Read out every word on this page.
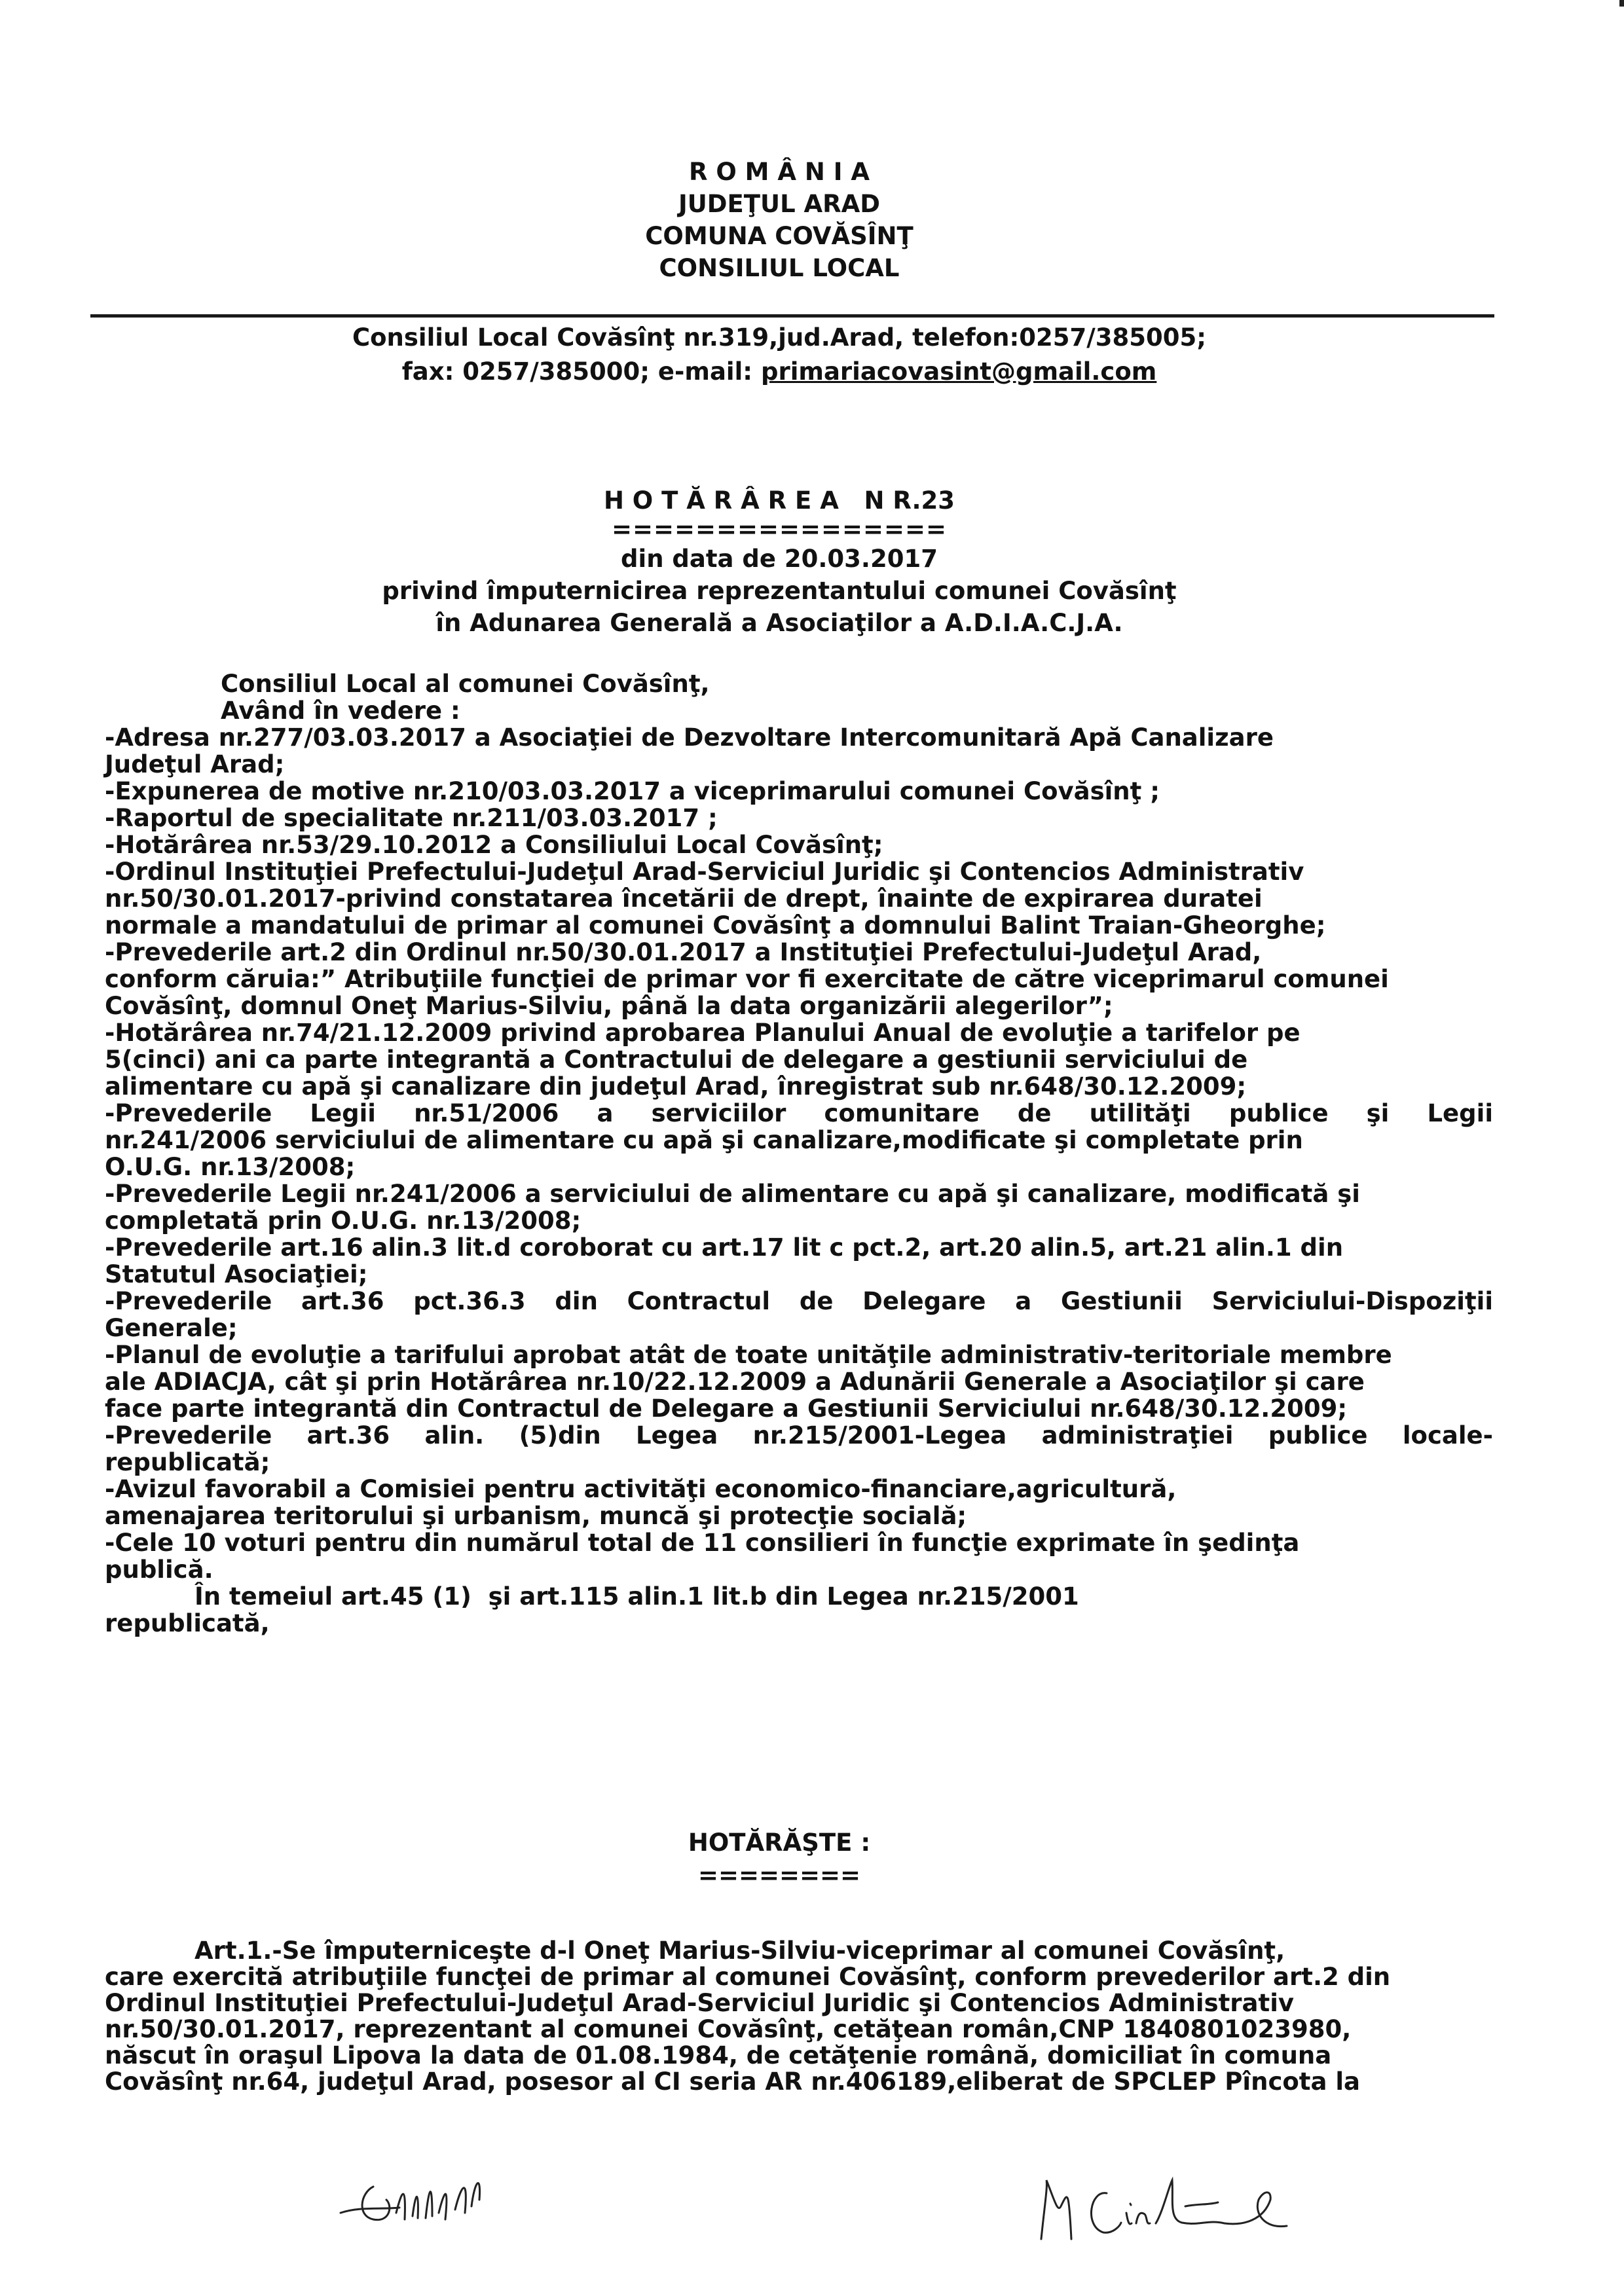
R O M Â N I A
JUDEŢUL ARAD
COMUNA COVĂSÎNŢ
CONSILIUL LOCAL
Consiliul Local Covăsînţ nr.319,jud.Arad, telefon:0257/385005;
fax: 0257/385000; e-mail: primariacovasint@gmail.com
H O T Ă R Â R E A   N R.23
================
din data de 20.03.2017
privind împuternicirea reprezentantului comunei Covăsînţ
în Adunarea Generală a Asociaţilor a A.D.I.A.C.J.A.

Consiliul Local al comunei Covăsînţ,

Având în vedere :

-Adresa nr.277/03.03.2017 a Asociaţiei de Dezvoltare Intercomunitară Apă Canalizare

Judeţul Arad;

-Expunerea de motive nr.210/03.03.2017 a viceprimarului comunei Covăsînţ ;

-Raportul de specialitate nr.211/03.03.2017 ;

-Hotărârea nr.53/29.10.2012 a Consiliului Local Covăsînţ;

-Ordinul Instituţiei Prefectului-Judeţul Arad-Serviciul Juridic şi Contencios Administrativ

nr.50/30.01.2017-privind constatarea încetării de drept, înainte de expirarea duratei

normale a mandatului de primar al comunei Covăsînţ a domnului Balint Traian-Gheorghe;

-Prevederile art.2 din Ordinul nr.50/30.01.2017 a Instituţiei Prefectului-Judeţul Arad,

conform căruia:” Atribuţiile funcţiei de primar vor fi exercitate de către viceprimarul comunei

Covăsînţ, domnul Oneţ Marius-Silviu, până la data organizării alegerilor”;

-Hotărârea nr.74/21.12.2009 privind aprobarea Planului Anual de evoluţie a tarifelor pe

5(cinci) ani ca parte integrantă a Contractului de delegare a gestiunii serviciului de

alimentare cu apă şi canalizare din judeţul Arad, înregistrat sub nr.648/30.12.2009;

-Prevederile Legii nr.51/2006 a serviciilor comunitare de utilităţi publice şi Legii

nr.241/2006 serviciului de alimentare cu apă şi canalizare,modificate şi completate prin

O.U.G. nr.13/2008;

-Prevederile Legii nr.241/2006 a serviciului de alimentare cu apă şi canalizare, modificată şi

completată prin O.U.G. nr.13/2008;

-Prevederile art.16 alin.3 lit.d coroborat cu art.17 lit c pct.2, art.20 alin.5, art.21 alin.1 din

Statutul Asociaţiei;

-Prevederile art.36 pct.36.3 din Contractul de Delegare a Gestiunii Serviciului-Dispoziţii

Generale;

-Planul de evoluţie a tarifului aprobat atât de toate unităţile administrativ-teritoriale membre

ale ADIACJA, cât şi prin Hotărârea nr.10/22.12.2009 a Adunării Generale a Asociaţilor şi care

face parte integrantă din Contractul de Delegare a Gestiunii Serviciului nr.648/30.12.2009;

-Prevederile art.36 alin. (5)din Legea nr.215/2001-Legea administraţiei publice locale-

republicată;

-Avizul favorabil a Comisiei pentru activităţi economico-financiare,agricultură,

amenajarea teritorului şi urbanism, muncă şi protecţie socială;

-Cele 10 voturi pentru din numărul total de 11 consilieri în funcţie exprimate în şedinţa

publică.

În temeiul art.45 (1)  şi art.115 alin.1 lit.b din Legea nr.215/2001

republicată,

HOTĂRĂŞTE :
========

Art.1.-Se împuterniceşte d-l Oneţ Marius-Silviu-viceprimar al comunei Covăsînţ,

care exercită atribuţiile funcţei de primar al comunei Covăsînţ, conform prevederilor art.2 din

Ordinul Instituţiei Prefectului-Judeţul Arad-Serviciul Juridic şi Contencios Administrativ

nr.50/30.01.2017, reprezentant al comunei Covăsînţ, cetăţean român,CNP 1840801023980,

născut în oraşul Lipova la data de 01.08.1984, de cetăţenie română, domiciliat în comuna

Covăsînţ nr.64, judeţul Arad, posesor al CI seria AR nr.406189,eliberat de SPCLEP Pîncota la
